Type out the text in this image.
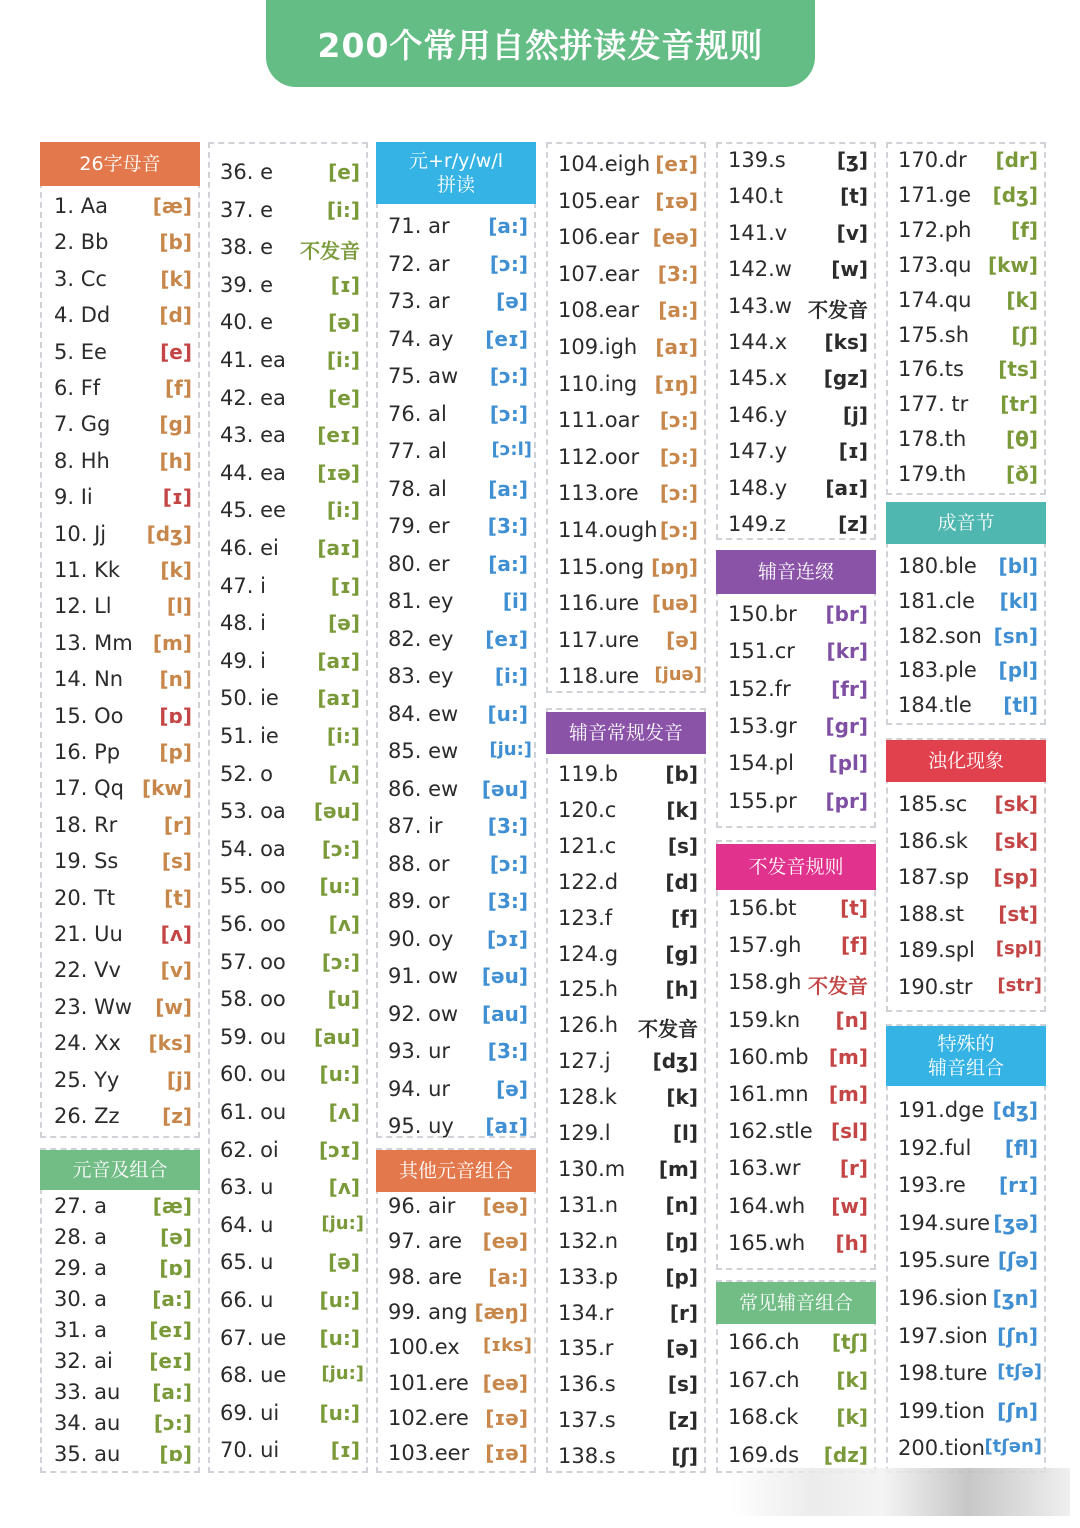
200个常用自然拼读发音规则
26字母音
元音及组合
元+r/y/w/l
拼读
其他元音组合
辅音常规发音
辅音连缀
不发音规则
常见辅音组合
成音节
浊化现象
特殊的
辅音组合
1. Aa [æ]
2. Bb	[b]
3. Cc	[k]
4. Dd [d]
5. Ee	[e]
6. Ff	[f]
7. Gg [g]
8. Hh [h]
9. Ii	[ɪ]
10. Jj [dʒ]
11. Kk [k]
12. Ll	[l]
13. Mm [m]
14. Nn [n]
15. Oo [ɒ]
16. Pp [p]
17. Qq [kw]
18. Rr [r]
19. Ss [s]
20. Tt [t]
21. Uu [ʌ]
22. Vv [v]
23. Ww [w]
24. Xx [ks]
25. Yy [j]
26. Zz [z]
27. a [æ]
28. a	[ə]
29. a	[ɒ]
30. a [a:]
31. a [eɪ]
32. ai [eɪ]
33. au [a:]
34. au [ɔ:]
35. au [ɒ]
36. e	[e]
37. e	[i:]
38. e 不发音
39. e	[ɪ]
40. e	[ə]
41. ea [i:]
42. ea [e]
43. ea [eɪ]
44. ea [ɪə]
45. ee [i:]
46. ei [aɪ]
47. i	[ɪ]
48. i	[ə]
49. i	[aɪ]
50. ie [aɪ]
51. ie [i:]
52. o	[ʌ]
53. oa [əu]
54. oa [ɔ:]
55. oo [u:]
56. oo [ʌ]
57. oo [ɔ:]
58. oo [u]
59. ou [au]
60. ou [u:]
61. ou [ʌ]
62. oi [ɔɪ]
63. u	[ʌ]
64. u	[ju:]
65. u	[ə]
66. u [u:]
67. ue [u:]
68. ue [ju:]
69. ui [u:]
70. ui	[ɪ]
71. ar [a:]
72. ar [ɔ:]
73. ar [ə]
74. ay [eɪ]
75. aw [ɔ:]
76. al [ɔ:]
77. al [ɔ:l]
78. al [a:]
79. er [3:]
80. er [a:]
81. ey [i]
82. ey [eɪ]
83. ey [i:]
84. ew [u:]
85. ew [ju:]
86. ew [əu]
87. ir [3:]
88. or [ɔ:]
89. or [3:]
90. oy [ɔɪ]
91. ow [əu]
92. ow [au]
93. ur [3:]
94. ur [ə]
95. uy [aɪ]
96. air [eə]
97. are [eə]
98. are [a:]
99. ang [æŋ]
100.ex [ɪks]
101.ere [eə]
102.ere [ɪə]
103.eer [ɪə]
104.eigh [eɪ]
105.ear [ɪə]
106.ear [eə]
107.ear [3:]
108.ear [a:]
109.igh [aɪ]
110.ing [ɪŋ]
111.oar [ɔ:]
112.oor [ɔ:]
113.ore [ɔ:]
114.ough [ɔ:]
115.ong [ɒŋ]
116.ure [uə]
117.ure [ə]
118.ure [juə]
119.b [b]
120.c	[k]
121.c	[s]
122.d [d]
123.f	[f]
124.g [g]
125.h [h]
126.h 不发音
127.j [dʒ]
128.k [k]
129.l	[l]
130.m [m]
131.n [n]
132.n [ŋ]
133.p [p]
134.r	[r]
135.r	[ə]
136.s	[s]
137.s	[z]
138.s	[ʃ]
139.s	[ʒ]
140.t	[t]
141.v [v]
142.w [w]
143.w 不发音
144.x [ks]
145.x [gz]
146.y	[j]
147.y	[ɪ]
148.y [aɪ]
149.z	[z]
150.br [br]
151.cr [kr]
152.fr [fr]
153.gr [gr]
154.pl [pl]
155.pr [pr]
156.bt [t]
157.gh [f]
158.gh 不发音
159.kn [n]
160.mb [m]
161.mn [m]
162.stle [sl]
163.wr [r]
164.wh [w]
165.wh [h]
166.ch [tʃ]
167.ch [k]
168.ck [k]
169.ds [dz]
170.dr [dr]
171.ge [dʒ]
172.ph [f]
173.qu [kw]
174.qu [k]
175.sh [ʃ]
176.ts [ts]
177. tr [tr]
178.th [θ]
179.th [ð]
180.ble [bl]
181.cle [kl]
182.son [sn]
183.ple [pl]
184.tle [tl]
185.sc [sk]
186.sk [sk]
187.sp [sp]
188.st [st]
189.spl [spl]
190.str [str]
191.dge [dʒ]
192.ful [fl]
193.re [rɪ]
194.sure [ʒə]
195.sure [ʃə]
196.sion [ʒn]
197.sion [ʃn]
198.ture [tʃə]
199.tion [ʃn]
200.tion [tʃən]
